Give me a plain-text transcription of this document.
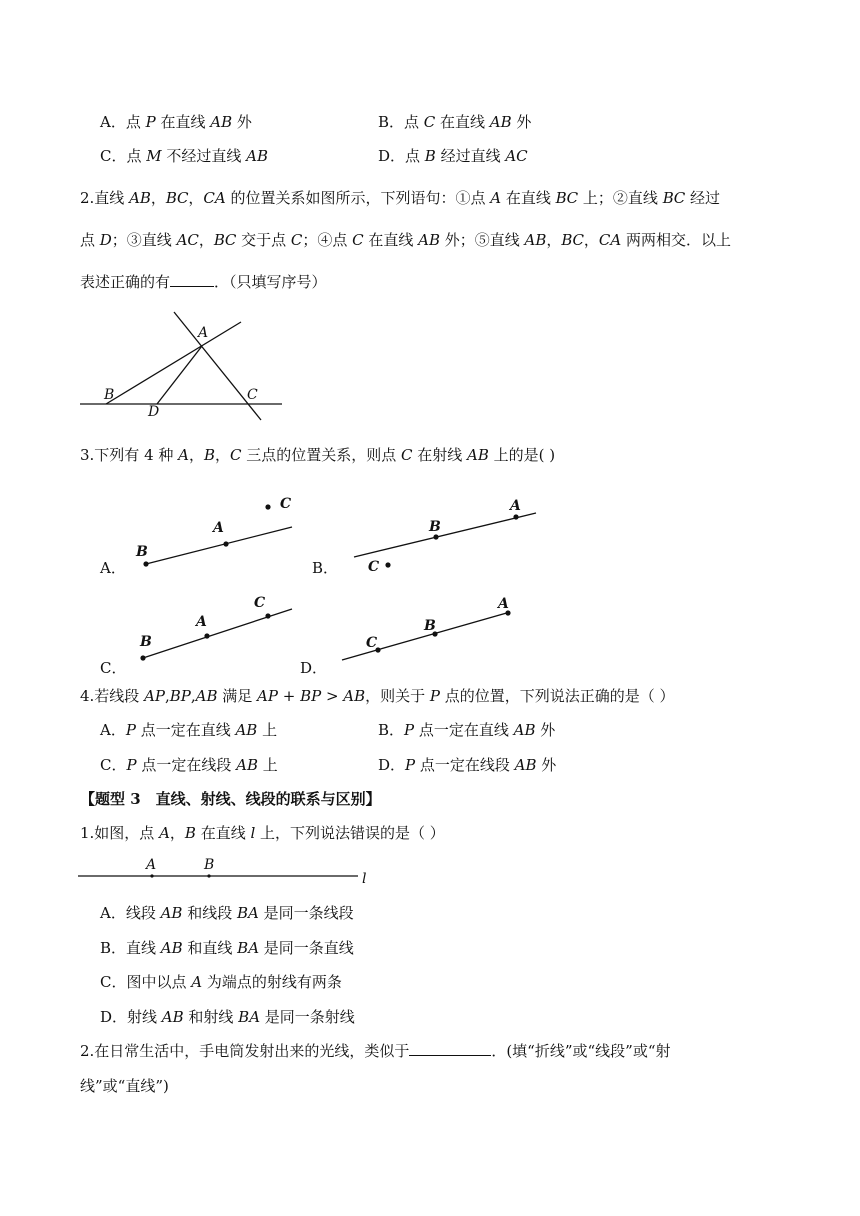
A．点 𝑃 在直线 𝐴𝐵 外	B．点 𝐶 在直线 𝐴𝐵 外
C．点 𝑀 不经过直线 𝐴𝐵	D．点 𝐵 经过直线 𝐴𝐶
2.直线 𝐴𝐵，𝐵𝐶，𝐶𝐴 的位置关系如图所示，下列语句：①点 𝐴 在直线 𝐵𝐶 上；②直线 𝐵𝐶 经过
点 𝐷；③直线 𝐴𝐶，𝐵𝐶 交于点 𝐶；④点 𝐶 在直线 𝐴𝐵 外；⑤直线 𝐴𝐵，𝐵𝐶，𝐶𝐴 两两相交．以上
表述正确的有	．（只填写序号）
A
B	C
D
3.下列有 4 种 𝐴，𝐵，𝐶 三点的位置关系，则点 𝐶 在射线 𝐴𝐵 上的是( )
A．
B
A
C
B．
B
A
C
C．
B
A
C
D．
C
B
A
4.若线段 𝐴𝑃,𝐵𝑃,𝐴𝐵 满足 𝐴𝑃 + 𝐵𝑃 > 𝐴𝐵，则关于 𝑃 点的位置，下列说法正确的是（ ）
A．𝑃 点一定在直线 𝐴𝐵 上	B．𝑃 点一定在直线 𝐴𝐵 外
C．𝑃 点一定在线段 𝐴𝐵 上	D．𝑃 点一定在线段 𝐴𝐵 外
【题型 3　直线、射线、线段的联系与区别】
1.如图，点 𝐴，𝐵 在直线 𝑙 上，下列说法错误的是（ ）
A	B
l
A．线段 𝐴𝐵 和线段 𝐵𝐴 是同一条线段
B．直线 𝐴𝐵 和直线 𝐵𝐴 是同一条直线
C．图中以点 𝐴 为端点的射线有两条
D．射线 𝐴𝐵 和射线 𝐵𝐴 是同一条射线
2.在日常生活中，手电筒发射出来的光线，类似于	．(填“折线”或“线段”或“射
线”或“直线”)
